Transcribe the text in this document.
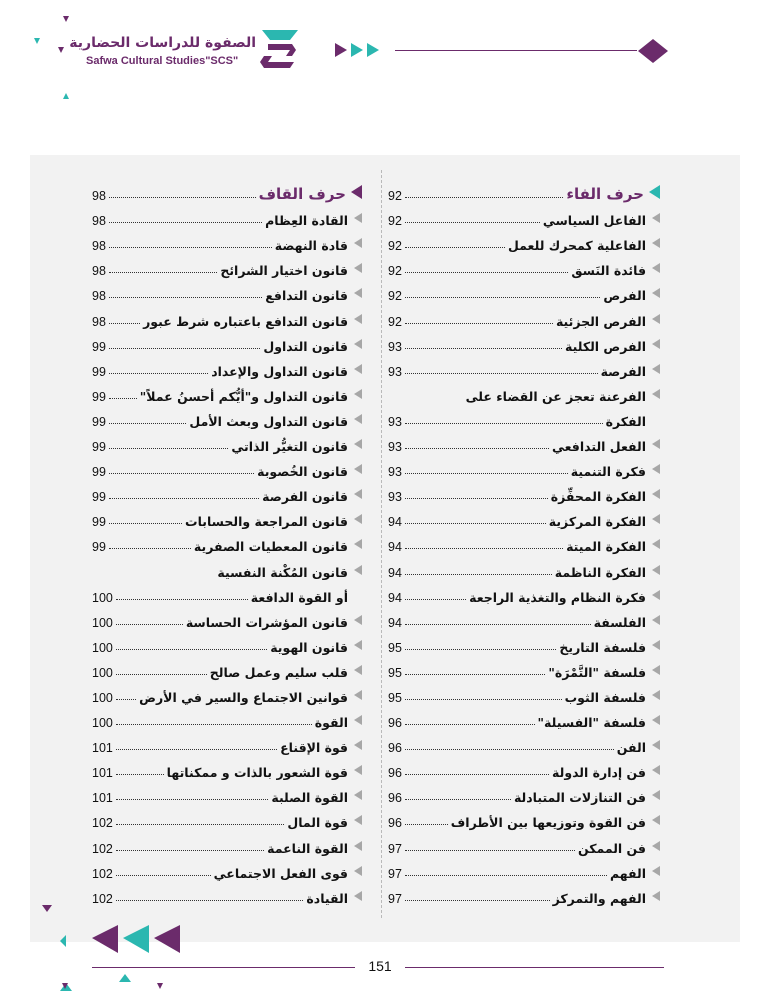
الصفوة للدراسات الحضارية
Safwa Cultural Studies"SCS"
حرف الفاء
92
الفاعل السياسي
92
الفاعلية كمحرك للعمل
92
فائدة النَسق
92
الفرص
92
الفرص الجزئية
92
الفرص الكلية
93
الفرصة
93
الفرعنة تعجز عن القضاء على
الفكرة
93
الفعل التدافعي
93
فكرة التنمية
93
الفكرة المحفِّزة
93
الفكرة المركزية
94
الفكرة الميتة
94
الفكرة الناظمة
94
فكرة النظام والتغذية الراجعة
94
الفلسفة
94
فلسفة التاريخ
95
فلسفة "التَّمْرَة"
95
فلسفة الثوب
95
فلسفة "الفسيلة"
96
الفن
96
فن إدارة الدولة
96
فن التنازلات المتبادلة
96
فن القوة وتوزيعها بين الأطراف
96
فن الممكن
97
الفهم
97
الفهم والتمركز
97
حرف القاف
98
القادة العِظام
98
قادة النهضة
98
قانون اختيار الشرائح
98
قانون التدافع
98
قانون التدافع باعتباره شرط عبور
98
قانون التداول
99
قانون التداول والإعداد
99
قانون التداول و"أيُّكم أحسنُ عملاً"
99
قانون التداول وبعث الأمل
99
قانون التغيُّر الذاتي
99
قانون الخُصوبة
99
قانون الفرصة
99
قانون المراجعة والحسابات
99
قانون المعطيات الصفرية
99
قانون المُكْنة النفسية
أو القوة الدافعة
100
قانون المؤشرات الحساسة
100
قانون الهوية
100
قلب سليم وعمل صالح
100
قوانين الاجتماع والسير في الأرض
100
القوة
100
قوة الإقناع
101
قوة الشعور بالذات و ممكناتها
101
القوة الصلبة
101
قوة المال
102
القوة الناعمة
102
قوى الفعل الاجتماعي
102
القيادة
102
151
